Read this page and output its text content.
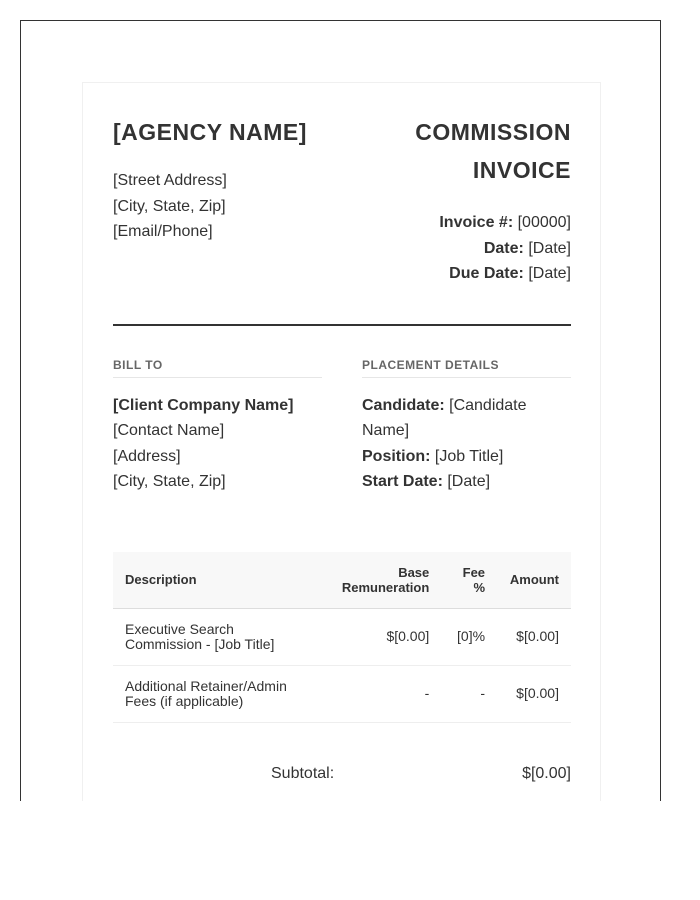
[AGENCY NAME]
[Street Address]
[City, State, Zip]
[Email/Phone]
COMMISSION INVOICE
Invoice #: [00000]
Date: [Date]
Due Date: [Date]
BILL TO
[Client Company Name]
[Contact Name]
[Address]
[City, State, Zip]
PLACEMENT DETAILS
Candidate: [Candidate Name]
Position: [Job Title]
Start Date: [Date]
Description	Base Remuneration	Fee %	Amount
Executive Search Commission - [Job Title]	$[0.00]	[0]%	$[0.00]
Additional Retainer/Admin Fees (if applicable)	-	-	$[0.00]
Subtotal:	$[0.00]
